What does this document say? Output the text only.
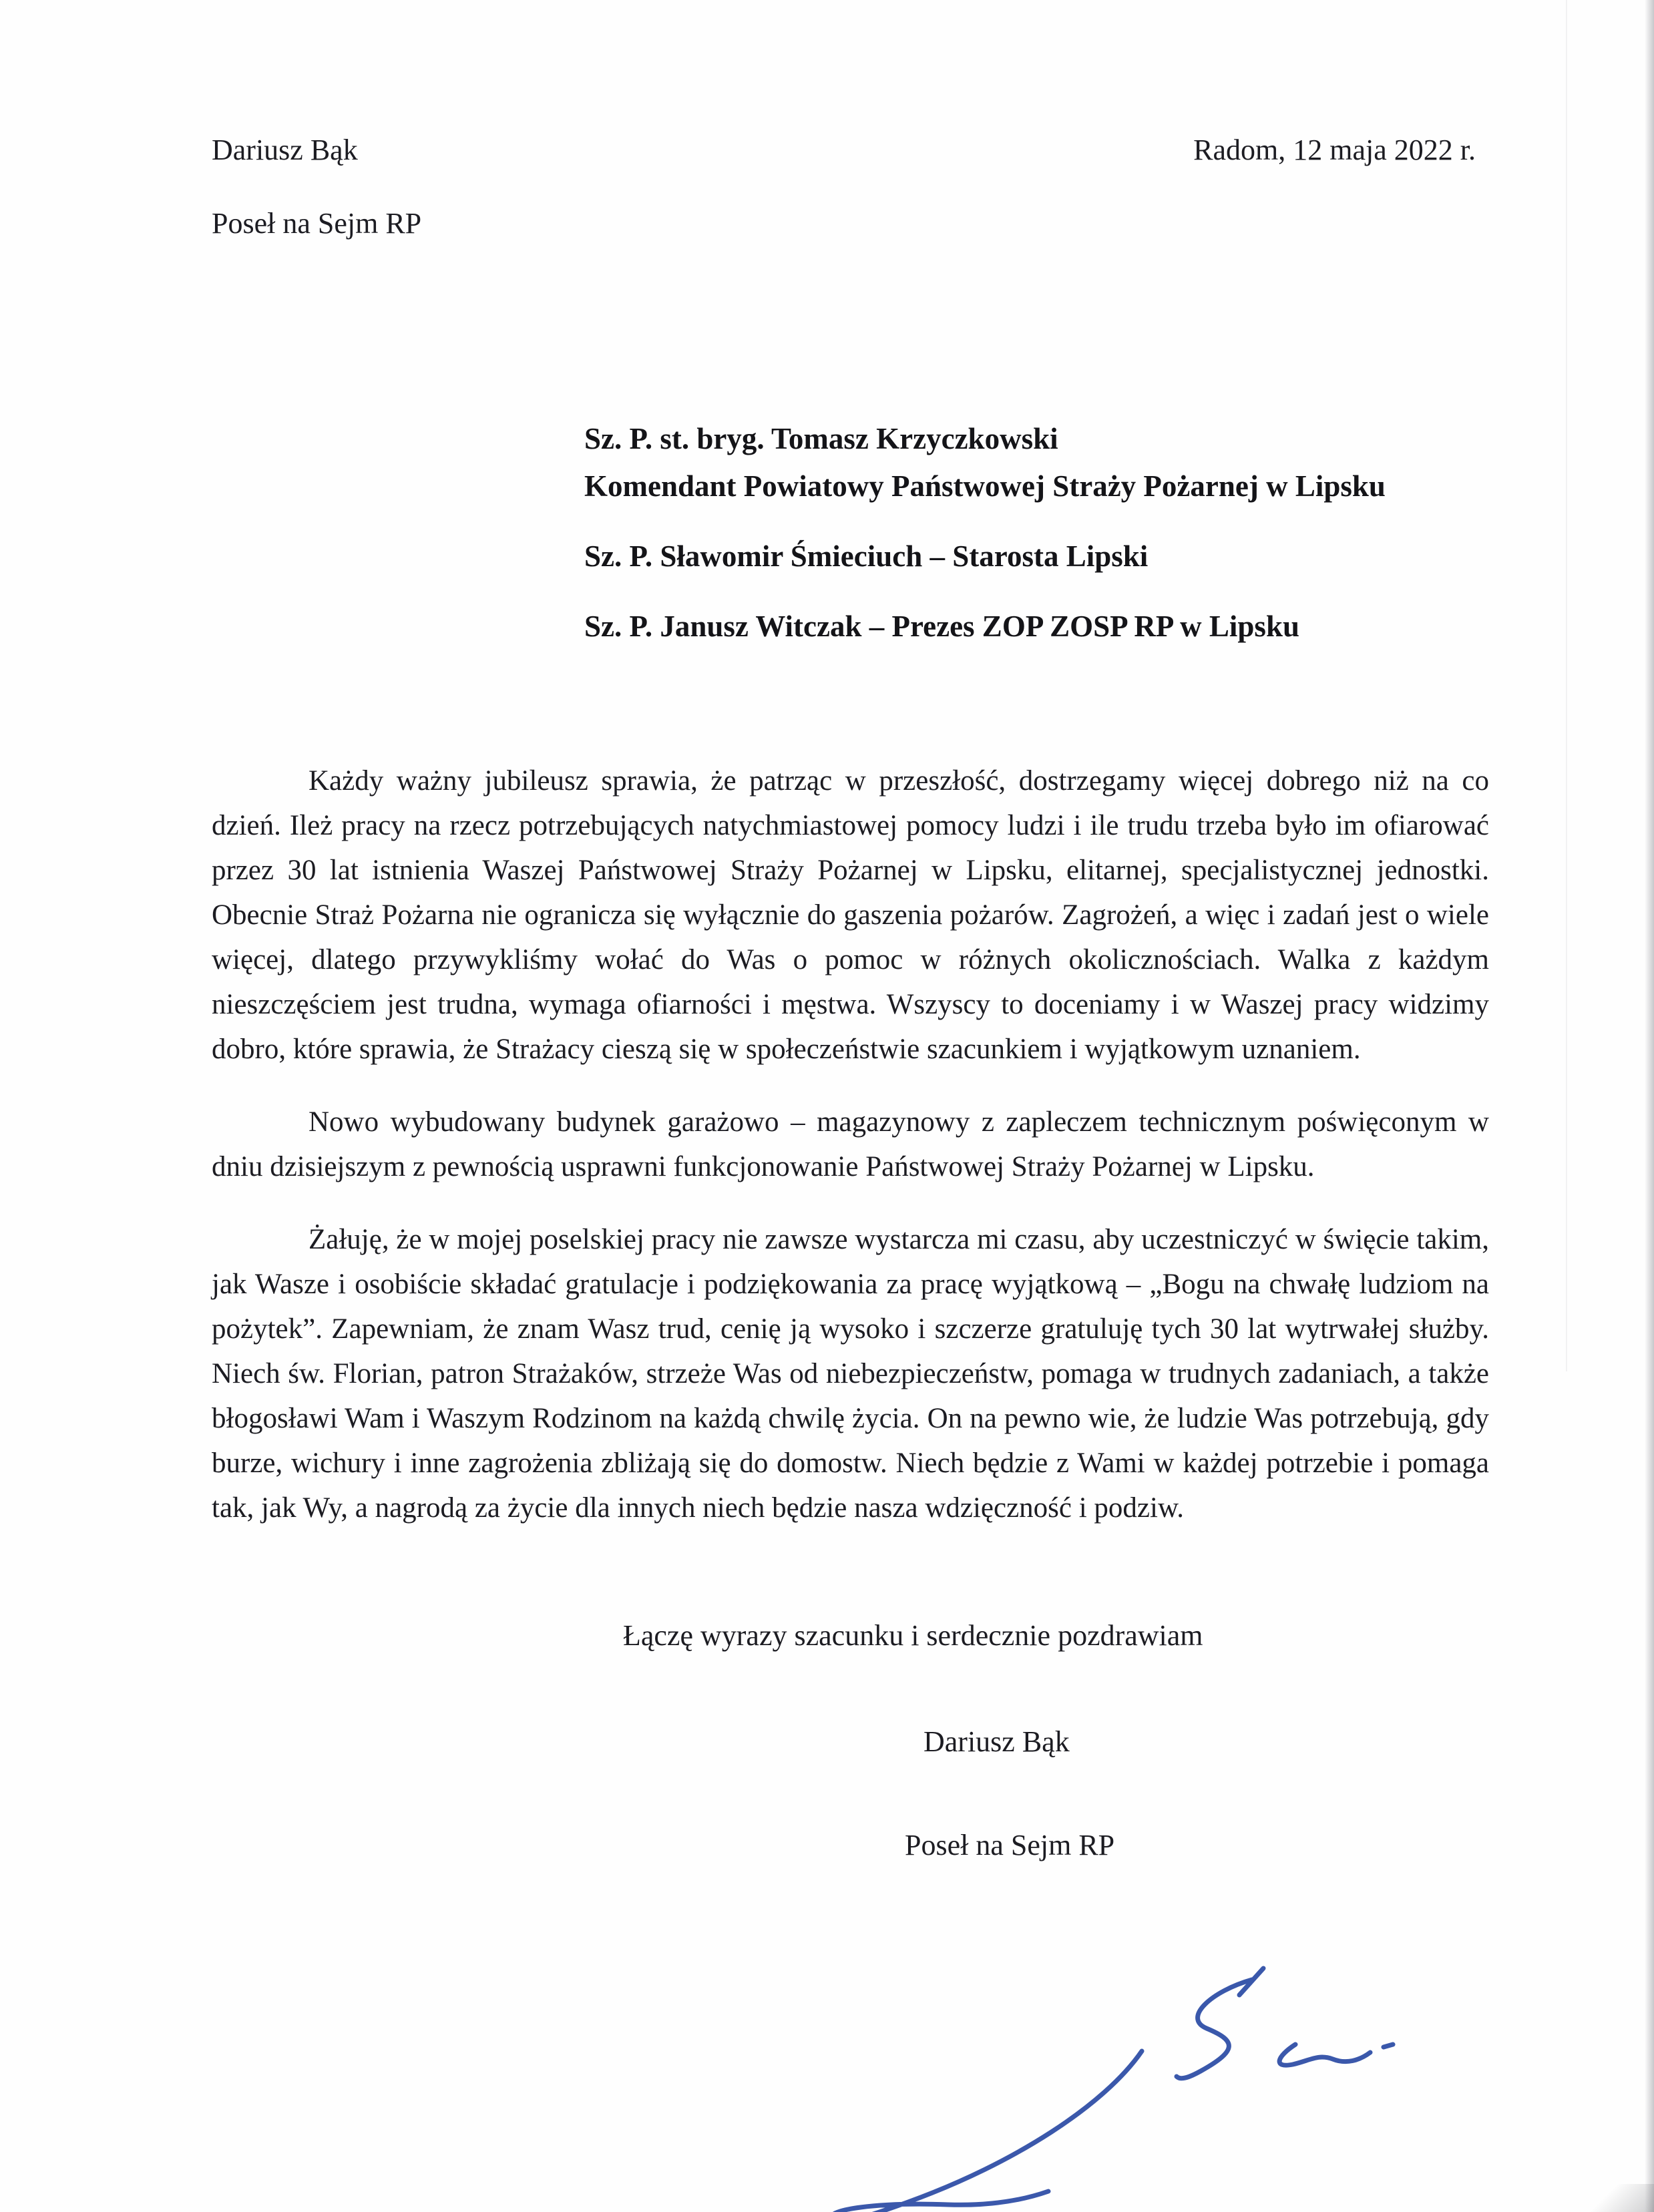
Dariusz Bąk	Radom, 12 maja 2022 r.
Poseł na Sejm RP

Sz. P. st. bryg. Tomasz Krzyczkowski

Komendant Powiatowy Państwowej Straży Pożarnej w Lipsku

Sz. P. Sławomir Śmieciuch – Starosta Lipski

Sz. P. Janusz Witczak – Prezes ZOP ZOSP RP w Lipsku

Każdy ważny jubileusz sprawia, że patrząc w przeszłość, dostrzegamy więcej dobrego niż na co dzień. Ileż pracy na rzecz potrzebujących natychmiastowej pomocy ludzi i ile trudu trzeba było im ofiarować przez 30 lat istnienia Waszej Państwowej Straży Pożarnej w Lipsku, elitarnej, specjalistycznej jednostki. Obecnie Straż Pożarna nie ogranicza się wyłącznie do gaszenia pożarów. Zagrożeń, a więc i zadań jest o wiele więcej, dlatego przywykliśmy wołać do Was o pomoc w różnych okolicznościach. Walka z każdym nieszczęściem jest trudna, wymaga ofiarności i męstwa. Wszyscy to doceniamy i w Waszej pracy widzimy dobro, które sprawia, że Strażacy cieszą się w społeczeństwie szacunkiem i wyjątkowym uznaniem.

Nowo wybudowany budynek garażowo – magazynowy z zapleczem technicznym poświęconym w dniu dzisiejszym z pewnością usprawni funkcjonowanie Państwowej Straży Pożarnej w Lipsku.

Żałuję, że w mojej poselskiej pracy nie zawsze wystarcza mi czasu, aby uczestniczyć w święcie takim, jak Wasze i osobiście składać gratulacje i podziękowania za pracę wyjątkową – „Bogu na chwałę ludziom na pożytek”. Zapewniam, że znam Wasz trud, cenię ją wysoko i szczerze gratuluję tych 30 lat wytrwałej służby. Niech św. Florian, patron Strażaków, strzeże Was od niebezpieczeństw, pomaga w trudnych zadaniach, a także błogosławi Wam i Waszym Rodzinom na każdą chwilę życia. On na pewno wie, że ludzie Was potrzebują, gdy burze, wichury i inne zagrożenia zbliżają się do domostw. Niech będzie z Wami w każdej potrzebie i pomaga tak, jak Wy, a nagrodą za życie dla innych niech będzie nasza wdzięczność i podziw.

Łączę wyrazy szacunku i serdecznie pozdrawiam
Dariusz Bąk
Poseł na Sejm RP
